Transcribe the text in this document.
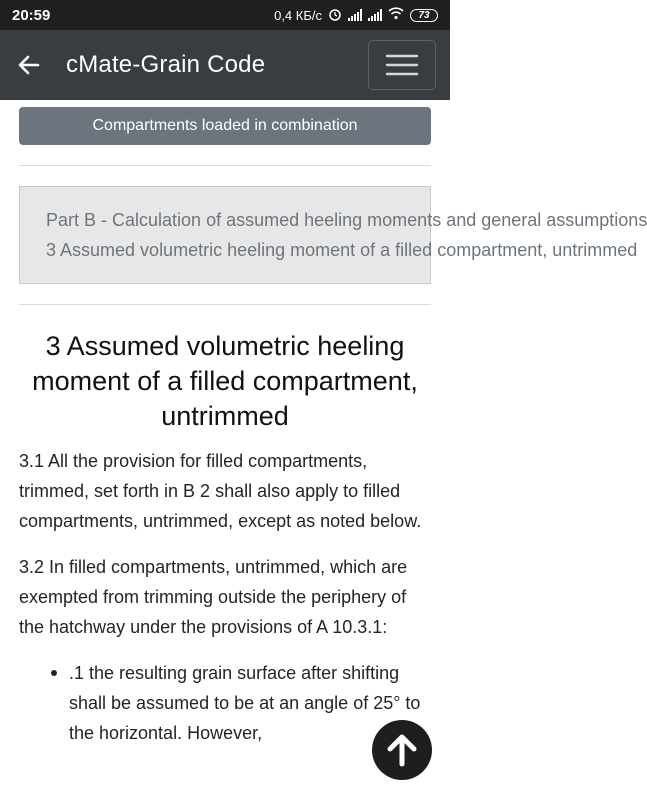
20:59	0,4 КБ/с	73
cMate-Grain Code
Compartments loaded in combination
Part B - Calculation of assumed heeling moments and general assumptions
3 Assumed volumetric heeling moment of a filled compartment, untrimmed
3 Assumed volumetric heeling moment of a filled compartment, untrimmed

3.1 All the provision for filled compartments, trimmed, set forth in B 2 shall also apply to filled compartments, untrimmed, except as noted below.

3.2 In filled compartments, untrimmed, which are exempted from trimming outside the periphery of the hatchway under the provisions of A 10.3.1:

.1 the resulting grain surface after shifting shall be assumed to be at an angle of 25° to the horizontal. However,
